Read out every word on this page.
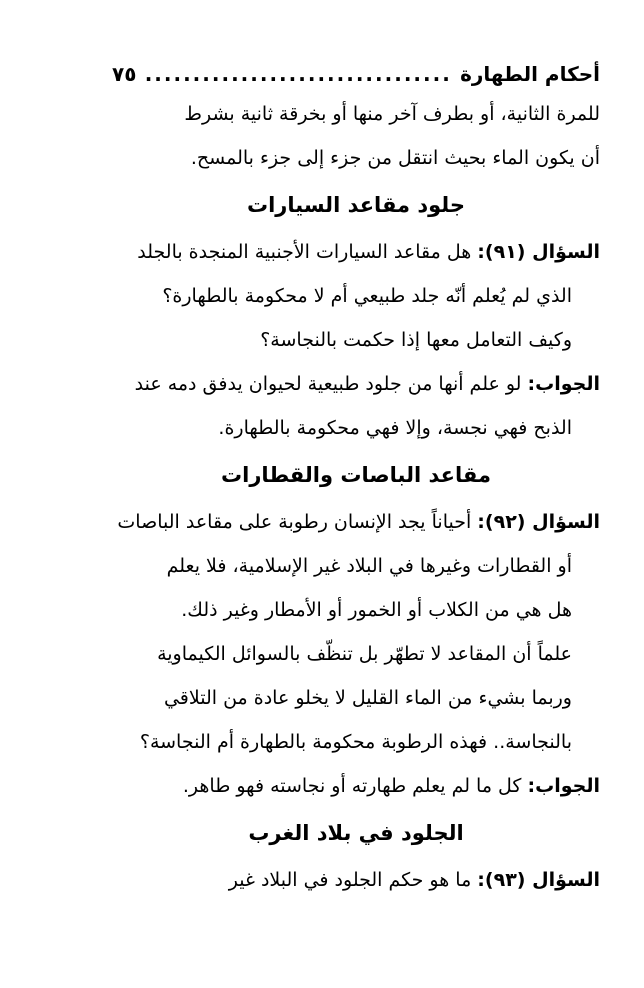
أحكام الطهارة
................................
٧٥
للمرة الثانية، أو بطرف آخر منها أو بخرقة ثانية بشرط
أن يكون الماء بحيث انتقل من جزء إلى جزء بالمسح.
جلود مقاعد السيارات
السؤال (٩١): هل مقاعد السيارات الأجنبية المنجدة بالجلد
الذي لم يُعلم أنّه جلد طبيعي أم لا محكومة بالطهارة؟
وكيف التعامل معها إذا حكمت بالنجاسة؟
الجواب: لو علم أنها من جلود طبيعية لحيوان يدفق دمه عند
الذبح فهي نجسة، وإلا فهي محكومة بالطهارة.
مقاعد الباصات والقطارات
السؤال (٩٢): أحياناً يجد الإنسان رطوبة على مقاعد الباصات
أو القطارات وغيرها في البلاد غير الإسلامية، فلا يعلم
هل هي من الكلاب أو الخمور أو الأمطار وغير ذلك.
علماً أن المقاعد لا تطهّر بل تنظّف بالسوائل الكيماوية
وربما بشيء من الماء القليل لا يخلو عادة من التلاقي
بالنجاسة.. فهذه الرطوبة محكومة بالطهارة أم النجاسة؟
الجواب: كل ما لم يعلم طهارته أو نجاسته فهو طاهر.
الجلود في بلاد الغرب
السؤال (٩٣): ما هو حكم الجلود في البلاد غير
